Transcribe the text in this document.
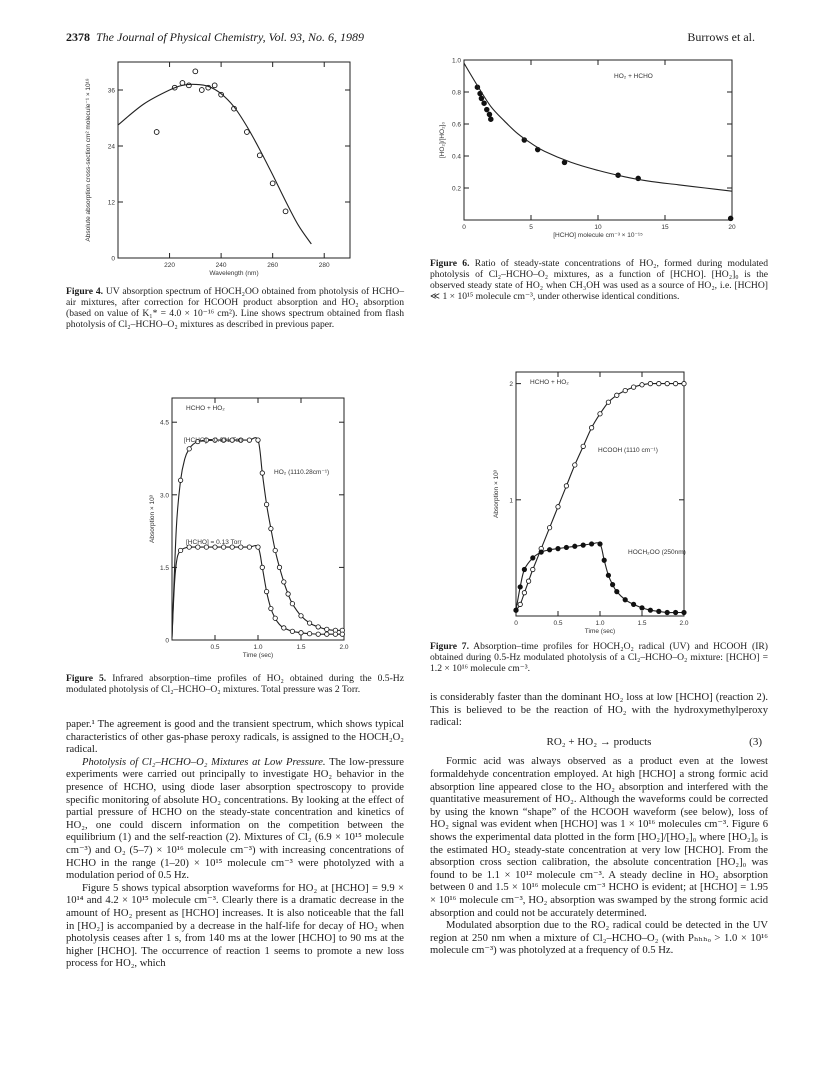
2378 The Journal of Physical Chemistry, Vol. 93, No. 6, 1989	Burrows et al.
220	240	260	280
12
24
36
0
Wavelength (nm)
Absolute absorption cross-section cm² molecule⁻¹ × 10¹⁸
Figure 4. UV absorption spectrum of HOCH₂OO obtained from photolysis of HCHO–air mixtures, after correction for HCOOH product absorption and HO₂ absorption (based on value of K₁* = 4.0 × 10⁻¹⁶ cm²). Line shows spectrum obtained from flash photolysis of Cl₂–HCHO–O₂ mixtures as described in previous paper.
0.5	1.0	1.5	2.0
1.5
3.0
4.5
0
Time (sec)
Absorption × 10³
HCHO + HO₂
[HCHO] = 0.031 Torr
HO₂ (1110.28cm⁻¹)
[HCHO] = 0.13 Torr
Figure 5. Infrared absorption–time profiles of HO₂ obtained during the 0.5-Hz modulated photolysis of Cl₂–HCHO–O₂ mixtures. Total pressure was 2 Torr.
0	5	10	15	20
0.2
0.4
0.6
0.8
1.0
[HCHO] molecule cm⁻³ × 10⁻¹⁵
[HO₂]/[HO₂]₀
HO₂ + HCHO
Figure 6. Ratio of steady-state concentrations of HO₂, formed during modulated photolysis of Cl₂–HCHO–O₂ mixtures, as a function of [HCHO]. [HO₂]₀ is the observed steady state of HO₂ when CH₃OH was used as a source of HO₂, i.e. [HCHO] ≪ 1 × 10¹⁵ molecule cm⁻³, under otherwise identical conditions.
0	0.5	1.0	1.5	2.0
1
2
Time (sec)
Absorption × 10³
HCHO + HO₂
HCOOH (1110 cm⁻¹)
HOCH₂OO (250nm)
Figure 7. Absorption–time profiles for HOCH₂O₂ radical (UV) and HCOOH (IR) obtained during 0.5-Hz modulated photolysis of a Cl₂–HCHO–O₂ mixture: [HCHO] = 1.2 × 10¹⁶ molecule cm⁻³.

paper.¹ The agreement is good and the transient spectrum, which shows typical characteristics of other gas-phase peroxy radicals, is assigned to the HOCH₂O₂ radical.

Photolysis of Cl₂–HCHO–O₂ Mixtures at Low Pressure. The low-pressure experiments were carried out principally to investigate HO₂ behavior in the presence of HCHO, using diode laser absorption spectroscopy to provide specific monitoring of absolute HO₂ concentrations. By looking at the effect of partial pressure of HCHO on the steady-state concentration and kinetics of HO₂, one could discern information on the competition between the equilibrium (1) and the self-reaction (2). Mixtures of Cl₂ (6.9 × 10¹⁵ molecule cm⁻³) and O₂ (5–7) × 10¹⁶ molecule cm⁻³) with increasing concentrations of HCHO in the range (1–20) × 10¹⁵ molecule cm⁻³ were photolyzed with a modulation period of 0.5 Hz.

Figure 5 shows typical absorption waveforms for HO₂ at [HCHO] = 9.9 × 10¹⁴ and 4.2 × 10¹⁵ molecule cm⁻³. Clearly there is a dramatic decrease in the amount of HO₂ present as [HCHO] increases. It is also noticeable that the fall in [HO₂] is accompanied by a decrease in the half-life for decay of HO₂ when photolysis ceases after 1 s, from 140 ms at the lower [HCHO] to 90 ms at the higher [HCHO]. The occurrence of reaction 1 seems to promote a new loss process for HO₂, which

is considerably faster than the dominant HO₂ loss at low [HCHO] (reaction 2). This is believed to be the reaction of HO₂ with the hydroxymethylperoxy radical:

RO₂ + HO₂ → products	(3)

Formic acid was always observed as a product even at the lowest formaldehyde concentration employed. At high [HCHO] a strong formic acid absorption line appeared close to the HO₂ absorption and interfered with the quantitative measurement of HO₂. Although the waveforms could be corrected by using the known “shape” of the HCOOH waveform (see below), loss of HO₂ signal was evident when [HCHO] was 1 × 10¹⁶ molecules cm⁻³. Figure 6 shows the experimental data plotted in the form [HO₂]/[HO₂]₀ where [HO₂]₀ is the estimated HO₂ steady-state concentration at very low [HCHO]. From the absorption cross section calibration, the absolute concentration [HO₂]₀ was found to be 1.1 × 10¹² molecule cm⁻³. A steady decline in HO₂ absorption between 0 and 1.5 × 10¹⁶ molecule cm⁻³ HCHO is evident; at [HCHO] = 1.95 × 10¹⁶ molecule cm⁻³, HO₂ absorption was swamped by the strong formic acid absorption and could not be accurately determined.

Modulated absorption due to the RO₂ radical could be detected in the UV region at 250 nm when a mixture of Cl₂–HCHO–O₂ (with Pₕₕₕₒ > 1.0 × 10¹⁶ molecule cm⁻³) was photolyzed at a frequency of 0.5 Hz.
